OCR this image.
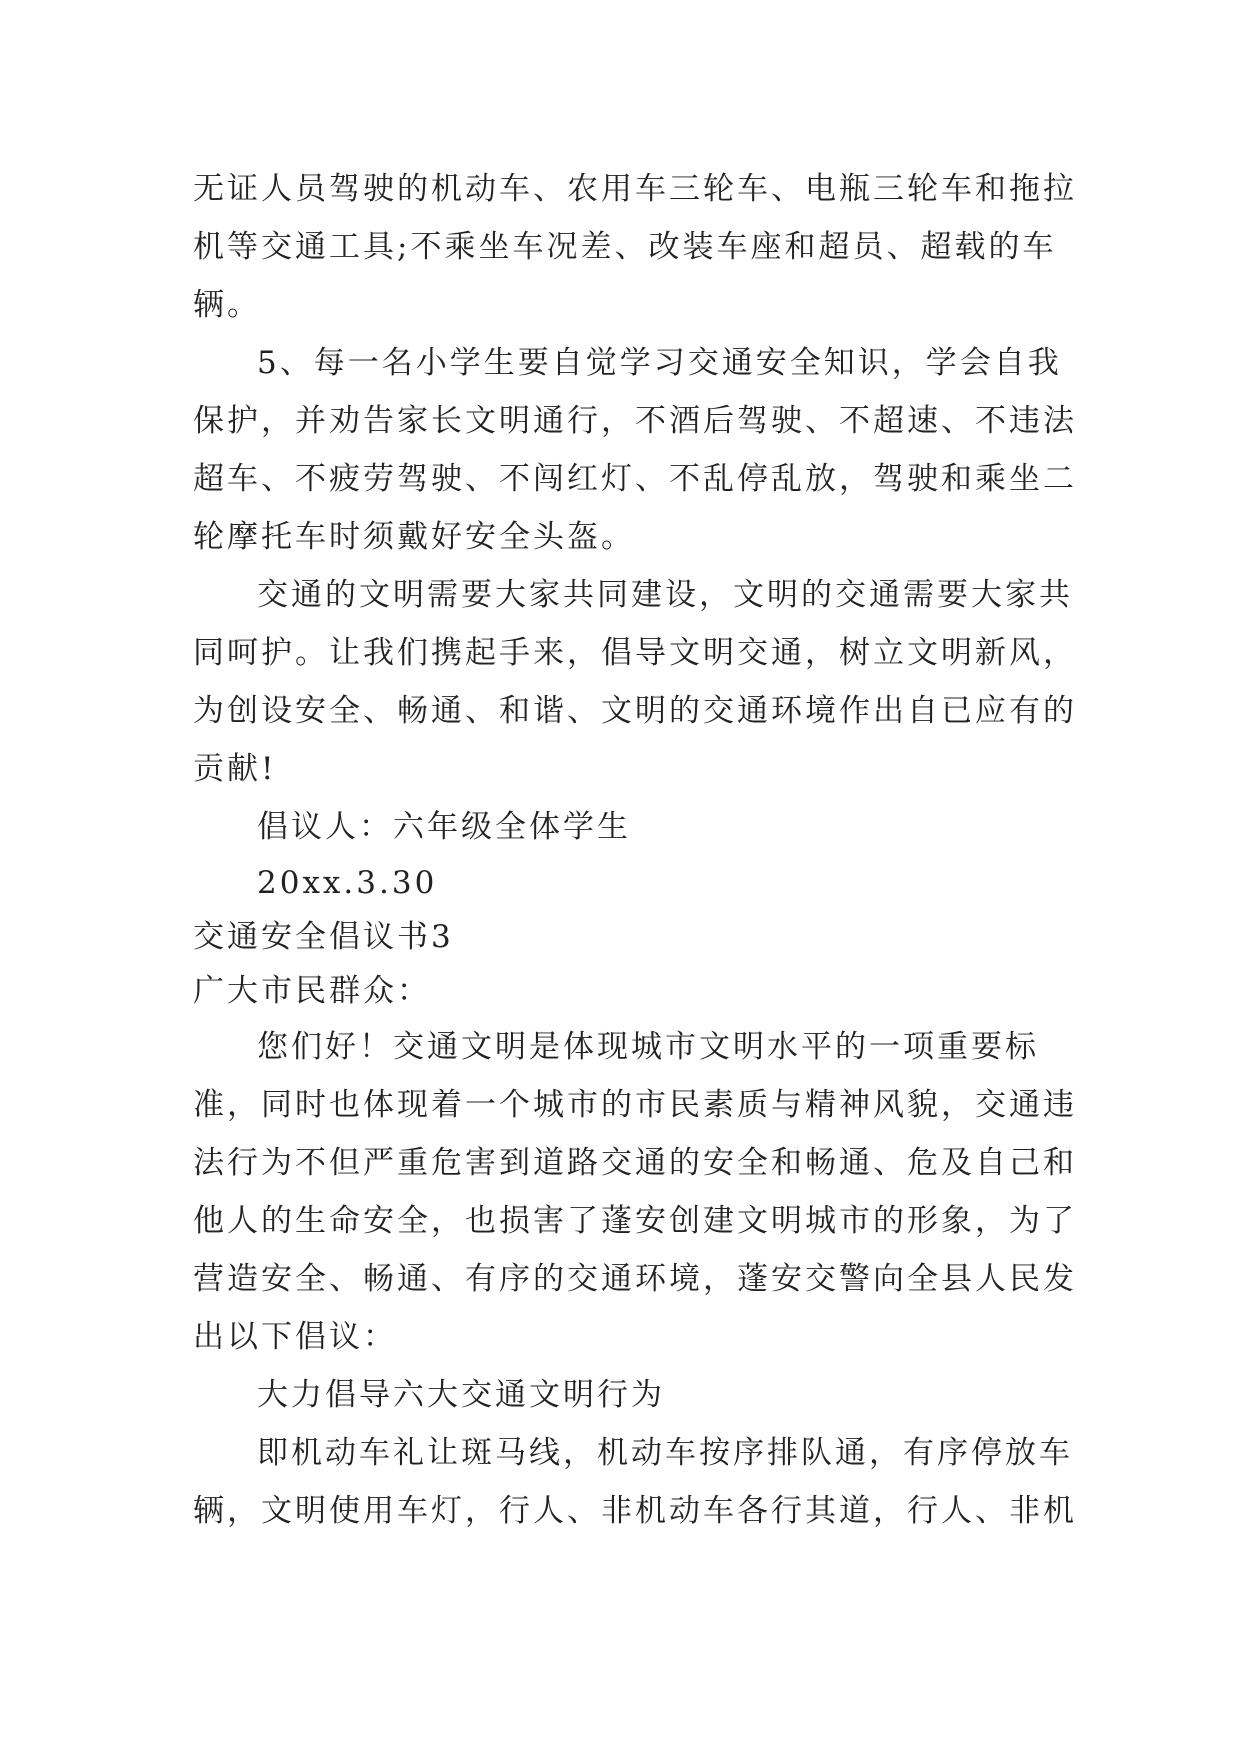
无证人员驾驶的机动车、农用车三轮车、电瓶三轮车和拖拉
机等交通工具;不乘坐车况差、改装车座和超员、超载的车
辆。
5、每一名小学生要自觉学习交通安全知识，学会自我
保护，并劝告家长文明通行，不酒后驾驶、不超速、不违法
超车、不疲劳驾驶、不闯红灯、不乱停乱放，驾驶和乘坐二
轮摩托车时须戴好安全头盔。
交通的文明需要大家共同建设，文明的交通需要大家共
同呵护。让我们携起手来，倡导文明交通，树立文明新风，
为创设安全、畅通、和谐、文明的交通环境作出自已应有的
贡献!
倡议人：六年级全体学生
20xx.3.30
交通安全倡议书3
广大市民群众：
您们好！交通文明是体现城市文明水平的一项重要标
准，同时也体现着一个城市的市民素质与精神风貌，交通违
法行为不但严重危害到道路交通的安全和畅通、危及自己和
他人的生命安全，也损害了蓬安创建文明城市的形象，为了
营造安全、畅通、有序的交通环境，蓬安交警向全县人民发
出以下倡议：
大力倡导六大交通文明行为
即机动车礼让斑马线，机动车按序排队通，有序停放车
辆，文明使用车灯，行人、非机动车各行其道，行人、非机
